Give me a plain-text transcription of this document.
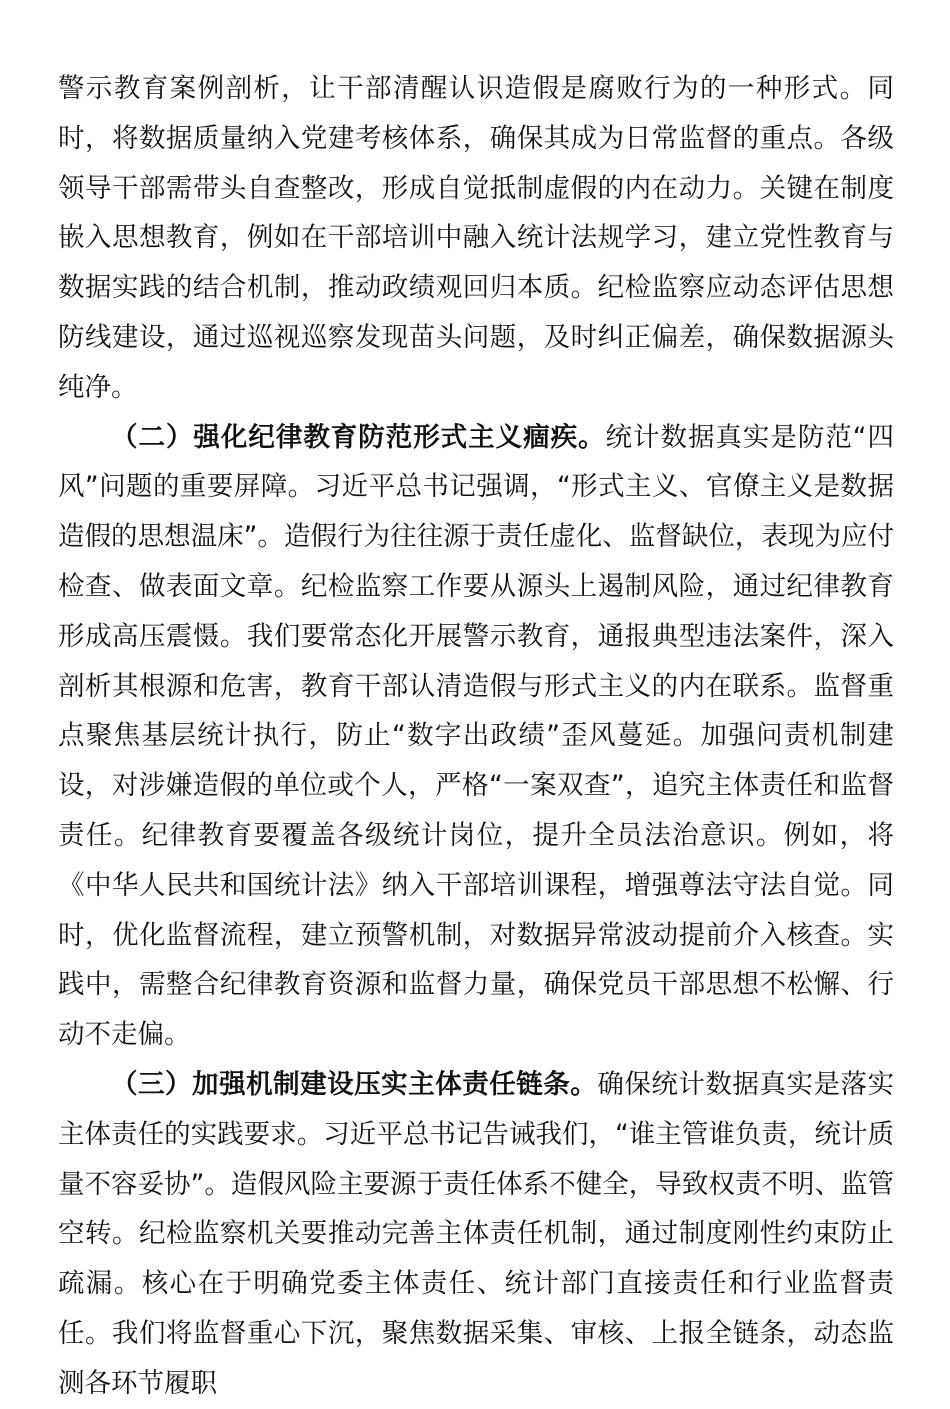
警示教育案例剖析，让干部清醒认识造假是腐败行为的一种形式。同时，将数据质量纳入党建考核体系，确保其成为日常监督的重点。各级领导干部需带头自查整改，形成自觉抵制虚假的内在动力。关键在制度嵌入思想教育，例如在干部培训中融入统计法规学习，建立党性教育与数据实践的结合机制，推动政绩观回归本质。纪检监察应动态评估思想防线建设，通过巡视巡察发现苗头问题，及时纠正偏差，确保数据源头纯净。

（二）强化纪律教育防范形式主义痼疾。统计数据真实是防范“四风”问题的重要屏障。习近平总书记强调，“形式主义、官僚主义是数据造假的思想温床”。造假行为往往源于责任虚化、监督缺位，表现为应付检查、做表面文章。纪检监察工作要从源头上遏制风险，通过纪律教育形成高压震慑。我们要常态化开展警示教育，通报典型违法案件，深入剖析其根源和危害，教育干部认清造假与形式主义的内在联系。监督重点聚焦基层统计执行，防止“数字出政绩”歪风蔓延。加强问责机制建设，对涉嫌造假的单位或个人，严格“一案双查”，追究主体责任和监督责任。纪律教育要覆盖各级统计岗位，提升全员法治意识。例如，将《中华人民共和国统计法》纳入干部培训课程，增强尊法守法自觉。同时，优化监督流程，建立预警机制，对数据异常波动提前介入核查。实践中，需整合纪律教育资源和监督力量，确保党员干部思想不松懈、行动不走偏。

（三）加强机制建设压实主体责任链条。确保统计数据真实是落实主体责任的实践要求。习近平总书记告诫我们，“谁主管谁负责，统计质量不容妥协”。造假风险主要源于责任体系不健全，导致权责不明、监管空转。纪检监察机关要推动完善主体责任机制，通过制度刚性约束防止疏漏。核心在于明确党委主体责任、统计部门直接责任和行业监督责任。我们将监督重心下沉，聚焦数据采集、审核、上报全链条，动态监测各环节履职
